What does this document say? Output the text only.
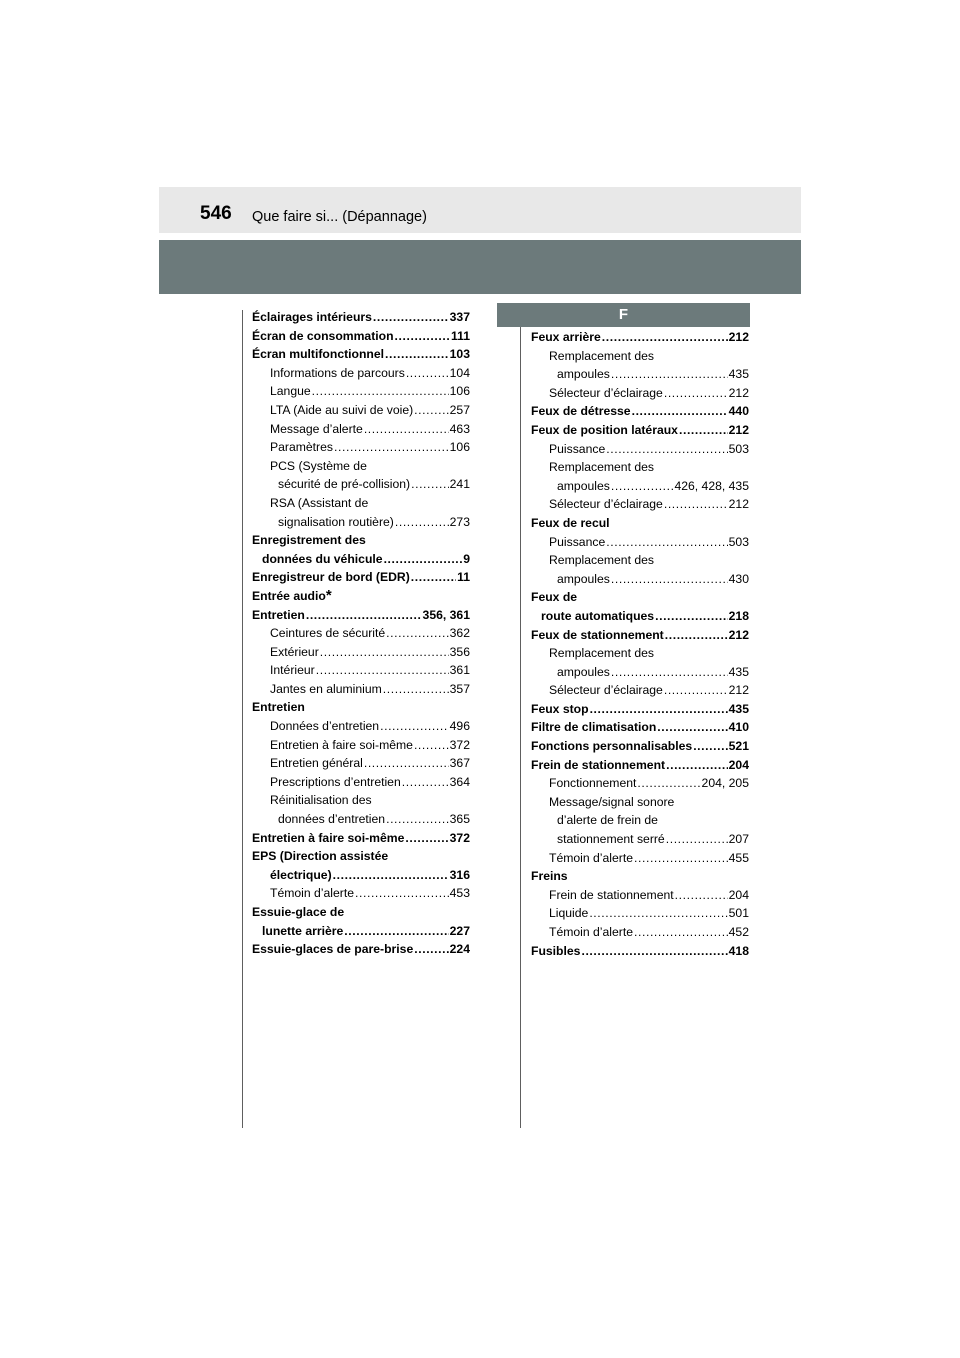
546 Que faire si... (Dépannage)
F
Éclairages intérieurs .....	337
Écran de consommation .....	111
Écran multifonctionnel .....	103
Informations de parcours .....	104
Langue .....	106
LTA (Aide au suivi de voie) .....	257
Message d’alerte .....	463
Paramètres .....	106
PCS (Système de
sécurité de pré-collision) .....	241
RSA (Assistant de
signalisation routière) .....	273
Enregistrement des
données du véhicule .....	9
Enregistreur de bord (EDR) .....	11
Entrée audio *
Entretien .....	356, 361
Ceintures de sécurité .....	362
Extérieur .....	356
Intérieur .....	361
Jantes en aluminium .....	357
Entretien
Données d’entretien .....	496
Entretien à faire soi-même .....	372
Entretien général .....	367
Prescriptions d’entretien .....	364
Réinitialisation des
données d’entretien .....	365
Entretien à faire soi-même .....	372
EPS (Direction assistée
électrique) .....	316
Témoin d’alerte .....	453
Essuie-glace de
lunette arrière .....	227
Essuie-glaces de pare-brise .....	224
Feux arrière .....	212
Remplacement des
ampoules .....	435
Sélecteur d’éclairage .....	212
Feux de détresse .....	440
Feux de position latéraux .....	212
Puissance .....	503
Remplacement des
ampoules .....	426, 428, 435
Sélecteur d’éclairage .....	212
Feux de recul
Puissance .....	503
Remplacement des
ampoules .....	430
Feux de
route automatiques .....	218
Feux de stationnement .....	212
Remplacement des
ampoules .....	435
Sélecteur d’éclairage .....	212
Feux stop .....	435
Filtre de climatisation .....	410
Fonctions personnalisables .....	521
Frein de stationnement .....	204
Fonctionnement .....	204, 205
Message/signal sonore
d’alerte de frein de
stationnement serré .....	207
Témoin d’alerte .....	455
Freins
Frein de stationnement .....	204
Liquide .....	501
Témoin d’alerte .....	452
Fusibles .....	418
